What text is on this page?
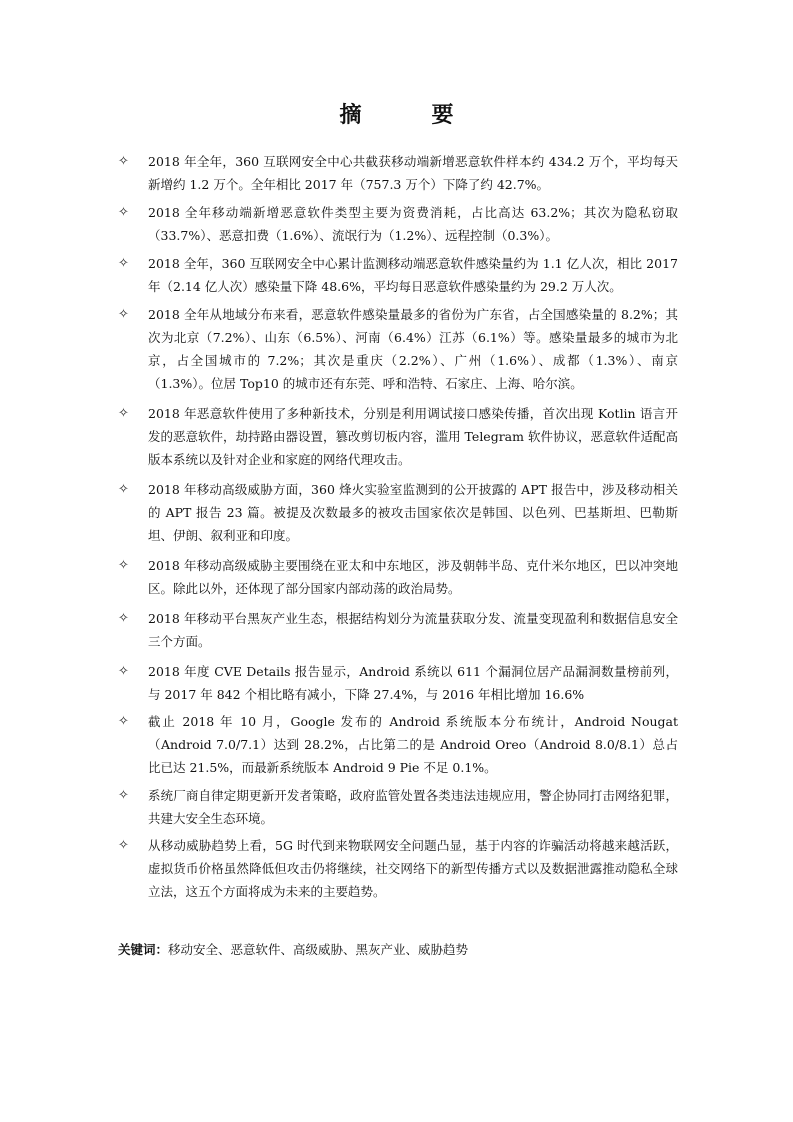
摘　要
✧	2018 年全年，360 互联网安全中心共截获移动端新增恶意软件样本约 434.2 万个，平均每天新增约 1.2 万个。全年相比 2017 年（757.3 万个）下降了约 42.7%。
✧	2018 全年移动端新增恶意软件类型主要为资费消耗，占比高达 63.2%；其次为隐私窃取（33.7%）、恶意扣费（1.6%）、流氓行为（1.2%）、远程控制（0.3%）。
✧	2018 全年，360 互联网安全中心累计监测移动端恶意软件感染量约为 1.1 亿人次，相比 2017 年（2.14 亿人次）感染量下降 48.6%，平均每日恶意软件感染量约为 29.2 万人次。
✧	2018 全年从地域分布来看，恶意软件感染量最多的省份为广东省，占全国感染量的 8.2%；其次为北京（7.2%）、山东（6.5%）、河南（6.4%）江苏（6.1%）等。感染量最多的城市为北京，占全国城市的 7.2%；其次是重庆（2.2%）、广州（1.6%）、成都（1.3%）、南京（1.3%）。位居 Top10 的城市还有东莞、呼和浩特、石家庄、上海、哈尔滨。
✧	2018 年恶意软件使用了多种新技术，分别是利用调试接口感染传播，首次出现 Kotlin 语言开发的恶意软件，劫持路由器设置，篡改剪切板内容，滥用 Telegram 软件协议，恶意软件适配高版本系统以及针对企业和家庭的网络代理攻击。
✧	2018 年移动高级威胁方面，360 烽火实验室监测到的公开披露的 APT 报告中，涉及移动相关的 APT 报告 23 篇。被提及次数最多的被攻击国家依次是韩国、以色列、巴基斯坦、巴勒斯坦、伊朗、叙利亚和印度。
✧	2018 年移动高级威胁主要围绕在亚太和中东地区，涉及朝韩半岛、克什米尔地区，巴以冲突地区。除此以外，还体现了部分国家内部动荡的政治局势。
✧	2018 年移动平台黑灰产业生态，根据结构划分为流量获取分发、流量变现盈利和数据信息安全三个方面。
✧	2018 年度 CVE Details 报告显示，Android 系统以 611 个漏洞位居产品漏洞数量榜前列，与 2017 年 842 个相比略有减小，下降 27.4%，与 2016 年相比增加 16.6%
✧	截止 2018 年 10 月，Google 发布的 Android 系统版本分布统计，Android Nougat（Android 7.0/7.1）达到 28.2%，占比第二的是 Android Oreo（Android 8.0/8.1）总占比已达 21.5%，而最新系统版本 Android 9 Pie 不足 0.1%。
✧	系统厂商自律定期更新开发者策略，政府监管处置各类违法违规应用，警企协同打击网络犯罪，共建大安全生态环境。
✧	从移动威胁趋势上看，5G 时代到来物联网安全问题凸显，基于内容的诈骗活动将越来越活跃，虚拟货币价格虽然降低但攻击仍将继续，社交网络下的新型传播方式以及数据泄露推动隐私全球立法，这五个方面将成为未来的主要趋势。
关键词：移动安全、恶意软件、高级威胁、黑灰产业、威胁趋势
